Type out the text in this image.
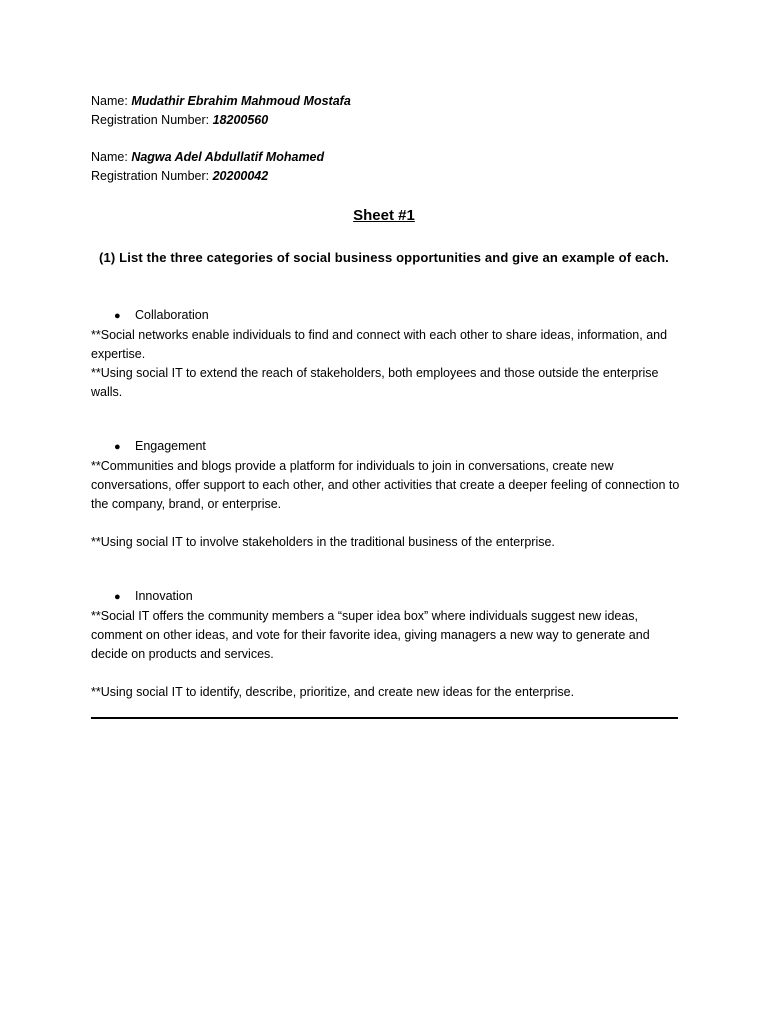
Name: Mudathir Ebrahim Mahmoud Mostafa
Registration Number: 18200560
Name: Nagwa Adel Abdullatif Mohamed
Registration Number: 20200042
Sheet #1
(1) List the three categories of social business opportunities and give an example of each.
● Collaboration

**Social networks enable individuals to find and connect with each other to share ideas, information, and expertise.

**Using social IT to extend the reach of stakeholders, both employees and those outside the enterprise walls.

● Engagement

**Communities and blogs provide a platform for individuals to join in conversations, create new conversations, offer support to each other, and other activities that create a deeper feeling of connection to the company, brand, or enterprise.

**Using social IT to involve stakeholders in the traditional business of the enterprise.

● Innovation

**Social IT offers the community members a “super idea box” where individuals suggest new ideas, comment on other ideas, and vote for their favorite idea, giving managers a new way to generate and decide on products and services.

**Using social IT to identify, describe, prioritize, and create new ideas for the enterprise.
